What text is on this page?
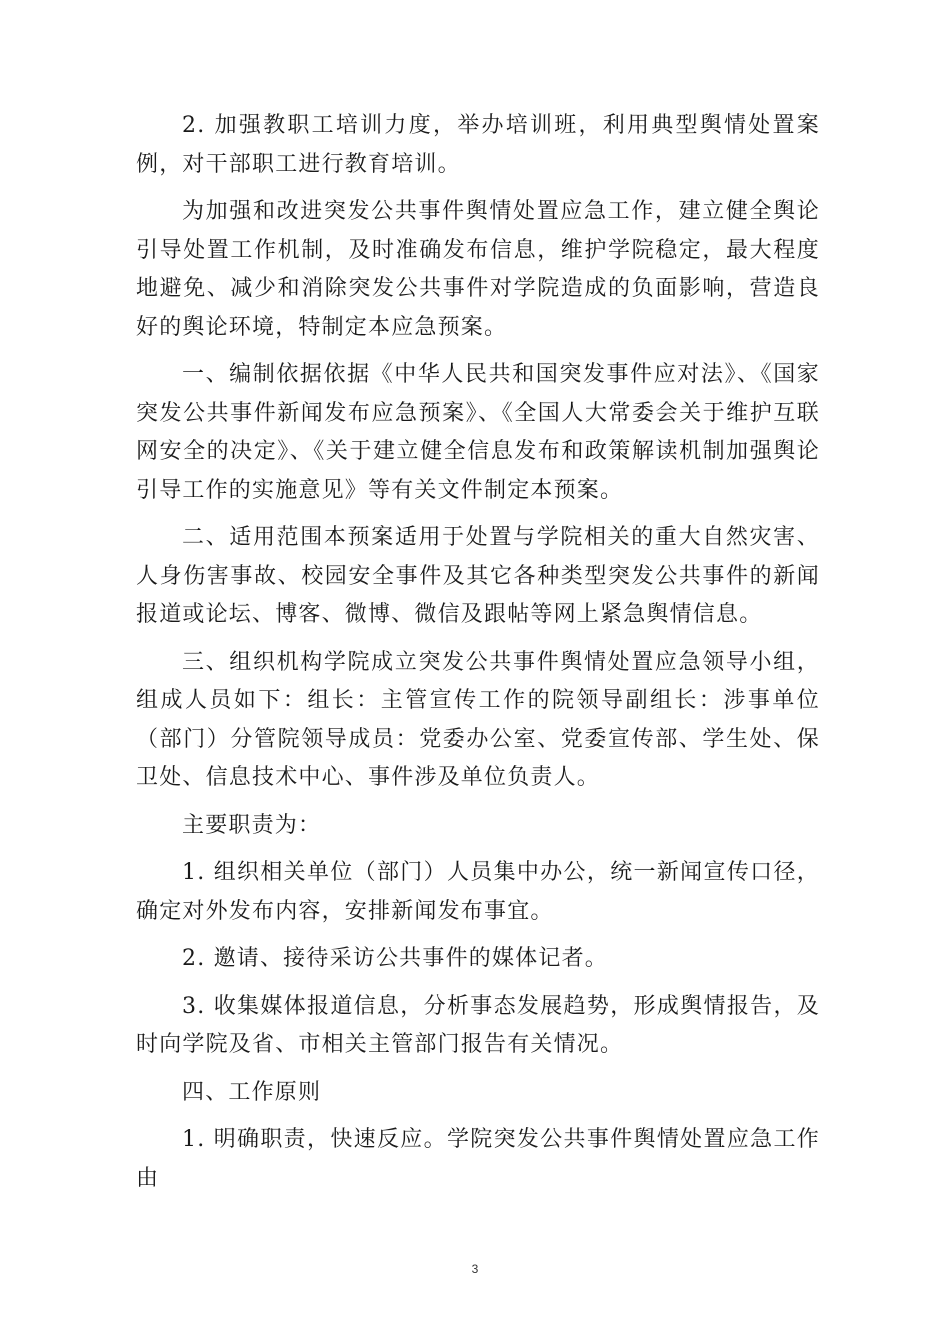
2. 加强教职工培训力度，举办培训班，利用典型舆情处置案例，对干部职工进行教育培训。

为加强和改进突发公共事件舆情处置应急工作，建立健全舆论引导处置工作机制，及时准确发布信息，维护学院稳定，最大程度地避免、减少和消除突发公共事件对学院造成的负面影响，营造良好的舆论环境，特制定本应急预案。

一、编制依据依据《中华人民共和国突发事件应对法》、《国家突发公共事件新闻发布应急预案》、《全国人大常委会关于维护互联网安全的决定》、《关于建立健全信息发布和政策解读机制加强舆论引导工作的实施意见》等有关文件制定本预案。

二、适用范围本预案适用于处置与学院相关的重大自然灾害、人身伤害事故、校园安全事件及其它各种类型突发公共事件的新闻报道或论坛、博客、微博、微信及跟帖等网上紧急舆情信息。

三、组织机构学院成立突发公共事件舆情处置应急领导小组，组成人员如下：组长：主管宣传工作的院领导副组长：涉事单位（部门）分管院领导成员：党委办公室、党委宣传部、学生处、保卫处、信息技术中心、事件涉及单位负责人。

主要职责为：

1. 组织相关单位（部门）人员集中办公，统一新闻宣传口径，确定对外发布内容，安排新闻发布事宜。

2. 邀请、接待采访公共事件的媒体记者。

3. 收集媒体报道信息，分析事态发展趋势，形成舆情报告，及时向学院及省、市相关主管部门报告有关情况。

四、工作原则

1. 明确职责，快速反应。学院突发公共事件舆情处置应急工作由

3
